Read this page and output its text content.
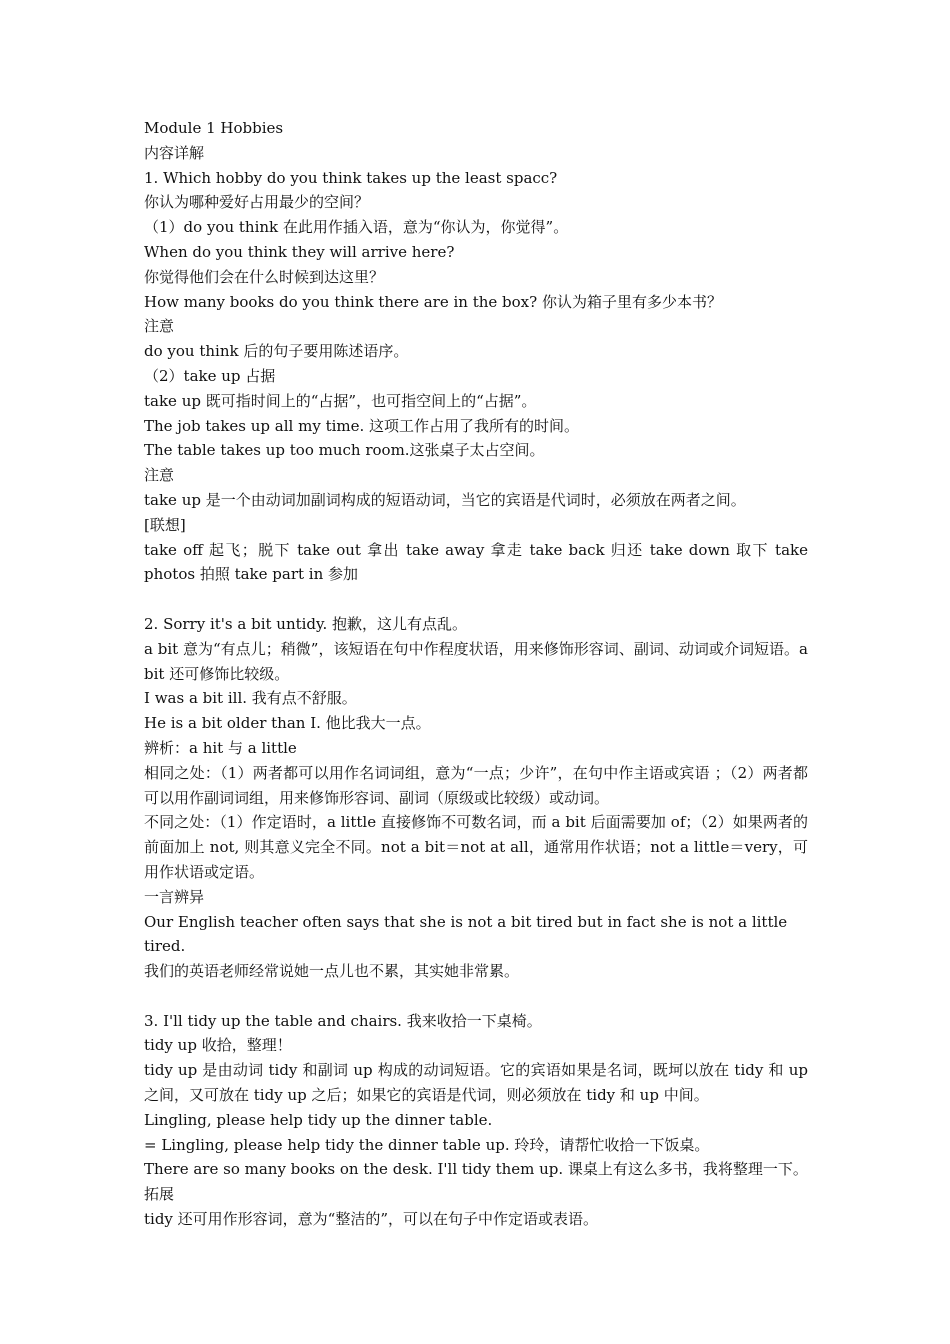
Module 1 Hobbies
内容详解
1. Which hobby do you think takes up the least spacc?
你认为哪种爱好占用最少的空间？
（1）do you think 在此用作插入语，意为“你认为，你觉得”。
When do you think they will arrive here?
你觉得他们会在什么时候到达这里？
How many books do you think there are in the box? 你认为箱子里有多少本书？
注意
do you think 后的句子要用陈述语序。
（2）take up 占据
take up 既可指时间上的“占据”，也可指空间上的“占据”。
The job takes up all my time. 这项工作占用了我所有的时间。
The table takes up too much room.这张桌子太占空间。
注意
take up 是一个由动词加副词构成的短语动词，当它的宾语是代词时，必须放在两者之间。
[联想]
take off 起飞；脱下 take out 拿出 take away 拿走 take back 归还 take down 取下 take photos 拍照 take part in 参加
2. Sorry it's a bit untidy. 抱歉，这儿有点乱。
a bit 意为“有点儿；稍微”，该短语在句中作程度状语，用来修饰形容词、副词、动词或介词短语。a bit 还可修饰比较级。
I was a bit ill. 我有点不舒服。
He is a bit older than I. 他比我大一点。
辨析：a hit 与 a little
相同之处：（1）两者都可以用作名词词组，意为“一点；少许”，在句中作主语或宾语 ；（2）两者都可以用作副词词组，用来修饰形容词、副词（原级或比较级）或动词。
不同之处：（1）作定语时，a little 直接修饰不可数名词，而 a bit 后面需要加 of；（2）如果两者的前面加上 not, 则其意义完全不同。not a bit＝not at all，通常用作状语；not a little＝very，可用作状语或定语。
一言辨异
Our English teacher often says that she is not a bit tired but in fact she is not a little tired.
我们的英语老师经常说她一点儿也不累，其实她非常累。
3. I'll tidy up the table and chairs. 我来收拾一下桌椅。
tidy up 收拾，整理！
tidy up 是由动词 tidy 和副词 up 构成的动词短语。它的宾语如果是名词，既坷以放在 tidy 和 up 之间，又可放在 tidy up 之后；如果它的宾语是代词，则必须放在 tidy 和 up 中间。
Lingling, please help tidy up the dinner table.
= Lingling, please help tidy the dinner table up. 玲玲，请帮忙收拾一下饭桌。
There are so many books on the desk. I'll tidy them up. 课桌上有这么多书，我将整理一下。
拓展
tidy 还可用作形容词，意为“整洁的”，可以在句子中作定语或表语。
